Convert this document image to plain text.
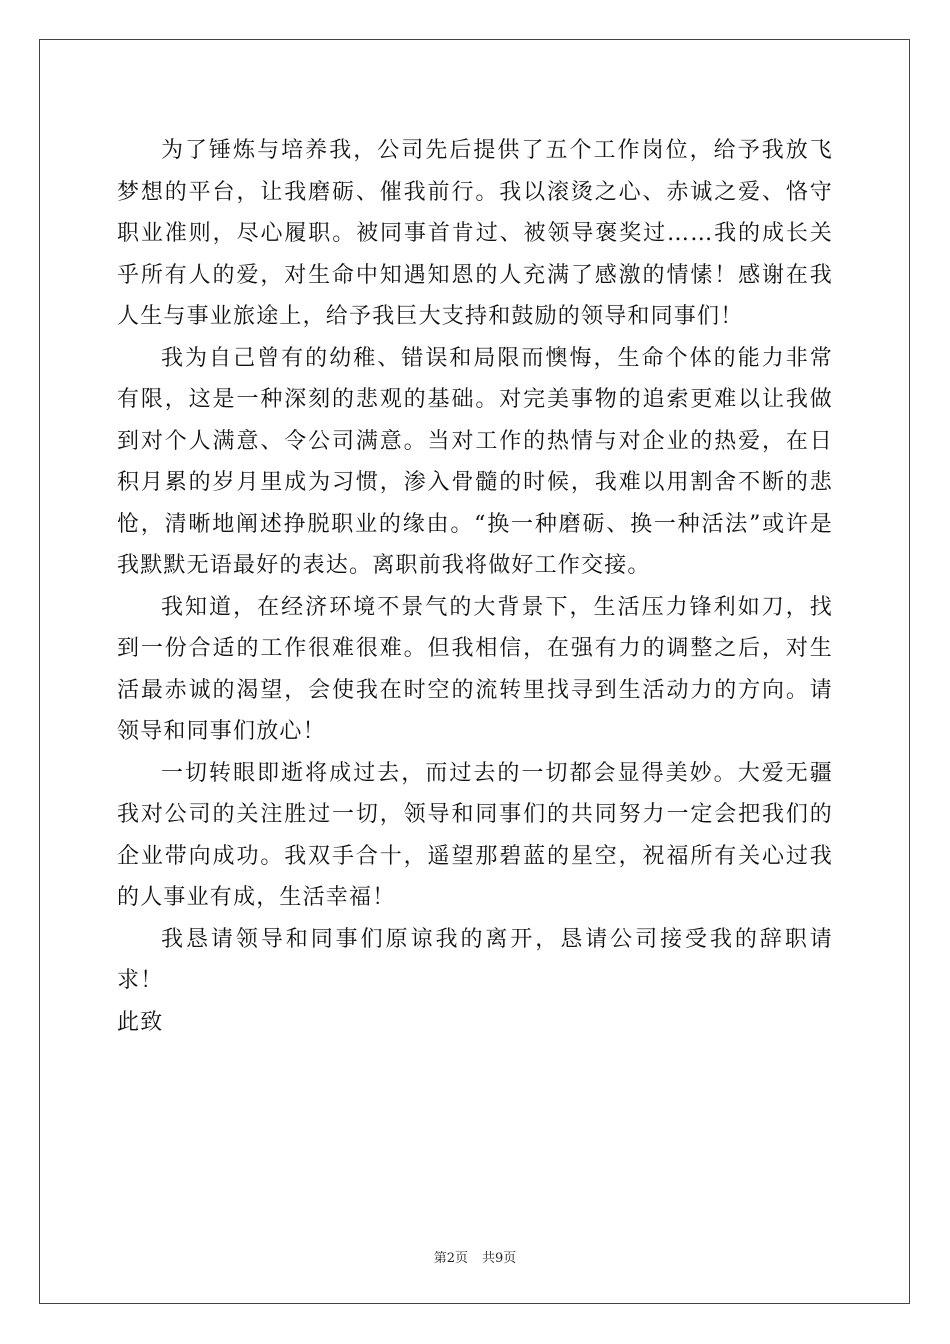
为了锤炼与培养我，公司先后提供了五个工作岗位，给予我放飞梦想的平台，让我磨砺、催我前行。我以滚烫之心、赤诚之爱、恪守职业准则，尽心履职。被同事首肯过、被领导褒奖过……我的成长关乎所有人的爱，对生命中知遇知恩的人充满了感激的情愫！感谢在我人生与事业旅途上，给予我巨大支持和鼓励的领导和同事们！

我为自己曾有的幼稚、错误和局限而懊悔，生命个体的能力非常有限，这是一种深刻的悲观的基础。对完美事物的追索更难以让我做到对个人满意、令公司满意。当对工作的热情与对企业的热爱，在日积月累的岁月里成为习惯，渗入骨髓的时候，我难以用割舍不断的悲怆，清晰地阐述挣脱职业的缘由。“换一种磨砺、换一种活法”或许是我默默无语最好的表达。离职前我将做好工作交接。

我知道，在经济环境不景气的大背景下，生活压力锋利如刀，找到一份合适的工作很难很难。但我相信，在强有力的调整之后，对生活最赤诚的渴望，会使我在时空的流转里找寻到生活动力的方向。请领导和同事们放心！

一切转眼即逝将成过去，而过去的一切都会显得美妙。大爱无疆我对公司的关注胜过一切，领导和同事们的共同努力一定会把我们的企业带向成功。我双手合十，遥望那碧蓝的星空，祝福所有关心过我的人事业有成，生活幸福！

我恳请领导和同事们原谅我的离开，恳请公司接受我的辞职请求！

此致

第2页 共9页
